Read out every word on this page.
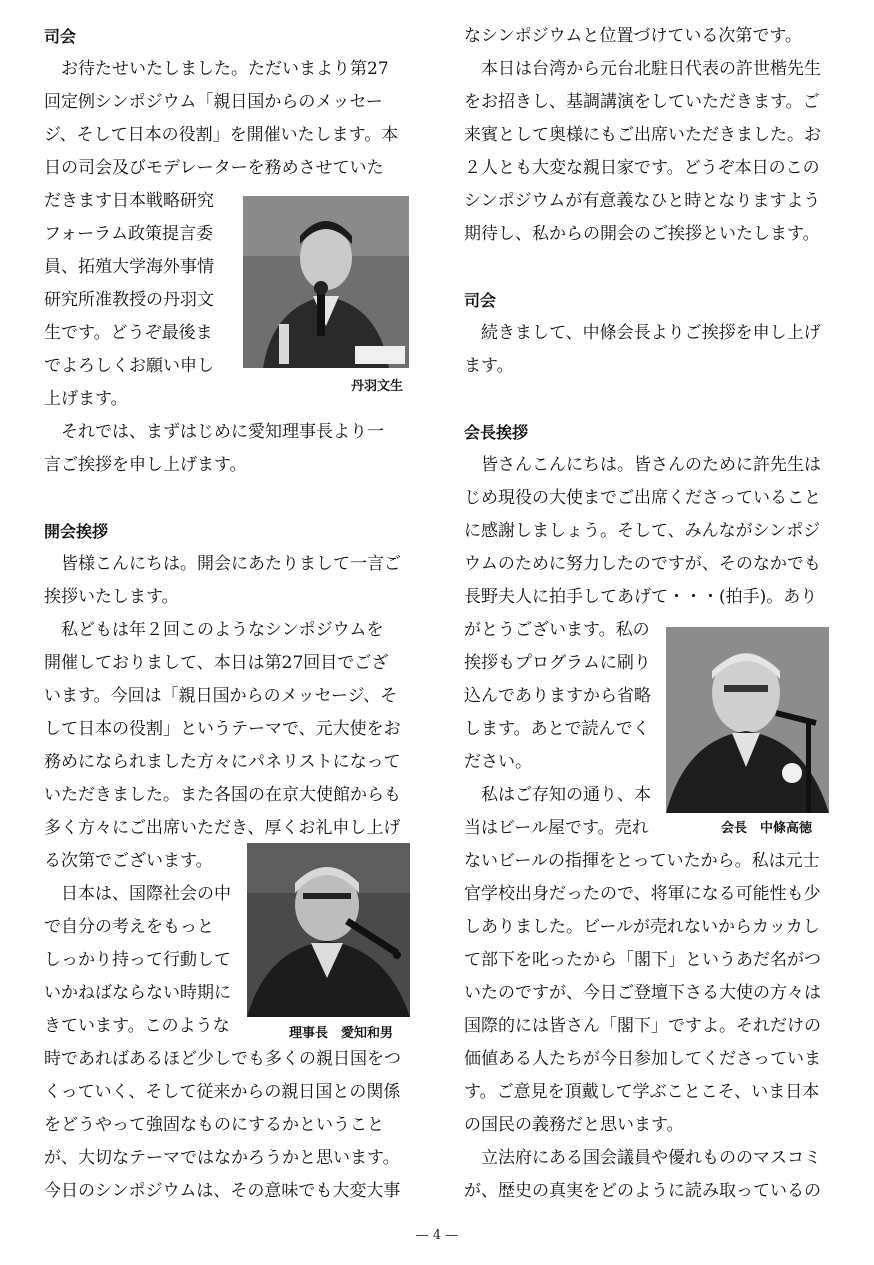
司会
　お待たせいたしました。ただいまより第27
回定例シンポジウム「親日国からのメッセー
ジ、そして日本の役割」を開催いたします。本
日の司会及びモデレーターを務めさせていた
だきます日本戦略研究
フォーラム政策提言委
員、拓殖大学海外事情
研究所准教授の丹羽文
生です。どうぞ最後ま
でよろしくお願い申し
上げます。
　それでは、まずはじめに愛知理事長より一
言ご挨拶を申し上げます。
開会挨拶
　皆様こんにちは。開会にあたりまして一言ご
挨拶いたします。
　私どもは年２回このようなシンポジウムを
開催しておりまして、本日は第27回目でござ
います。今回は「親日国からのメッセージ、そ
して日本の役割」というテーマで、元大使をお
務めになられました方々にパネリストになって
いただきました。また各国の在京大使館からも
多く方々にご出席いただき、厚くお礼申し上げ
る次第でございます。
　日本は、国際社会の中
で自分の考えをもっと
しっかり持って行動して
いかねばならない時期に
きています。このような
時であればあるほど少しでも多くの親日国をつ
くっていく、そして従来からの親日国との関係
をどうやって強固なものにするかということ
が、大切なテーマではなかろうかと思います。
今日のシンポジウムは、その意味でも大変大事
なシンポジウムと位置づけている次第です。
　本日は台湾から元台北駐日代表の許世楷先生
をお招きし、基調講演をしていただきます。ご
来賓として奥様にもご出席いただきました。お
２人とも大変な親日家です。どうぞ本日のこの
シンポジウムが有意義なひと時となりますよう
期待し、私からの開会のご挨拶といたします。
司会
　続きまして、中條会長よりご挨拶を申し上げ
ます。
会長挨拶
　皆さんこんにちは。皆さんのために許先生は
じめ現役の大使までご出席くださっていること
に感謝しましょう。そして、みんながシンポジ
ウムのために努力したのですが、そのなかでも
長野夫人に拍手してあげて・・・(拍手)。あり
がとうございます。私の
挨拶もプログラムに刷り
込んでありますから省略
します。あとで読んでく
ださい。
　私はご存知の通り、本
当はビール屋です。売れ
ないビールの指揮をとっていたから。私は元士
官学校出身だったので、将軍になる可能性も少
しありました。ビールが売れないからカッカし
て部下を叱ったから「閣下」というあだ名がつ
いたのですが、今日ご登壇下さる大使の方々は
国際的には皆さん「閣下」ですよ。それだけの
価値ある人たちが今日参加してくださっていま
す。ご意見を頂戴して学ぶことこそ、いま日本
の国民の義務だと思います。
　立法府にある国会議員や優れもののマスコミ
が、歴史の真実をどのように読み取っているの
丹羽文生
理事長　愛知和男
会長　中條高徳
— 4 —
